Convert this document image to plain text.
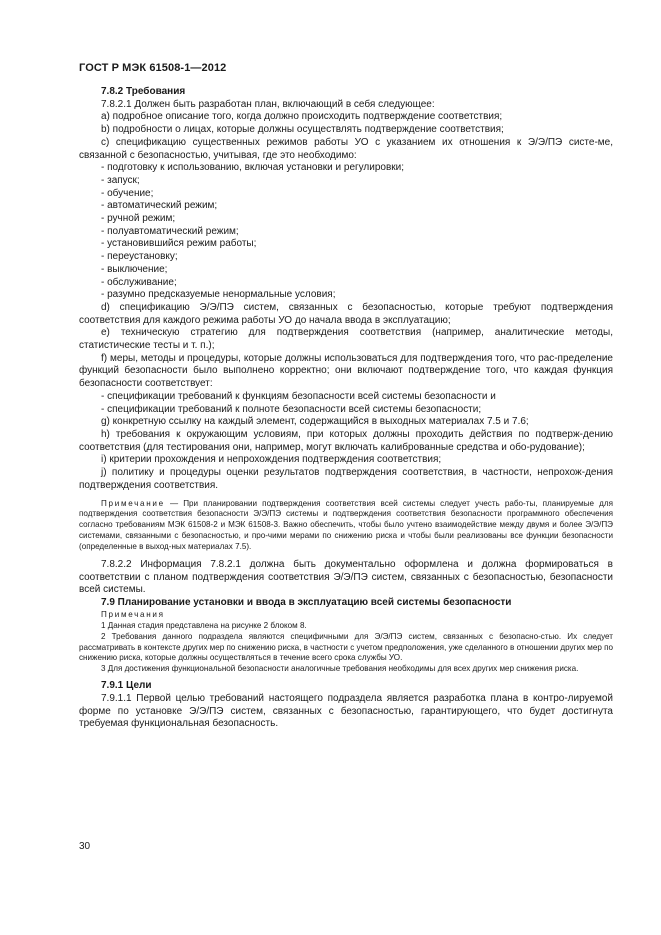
ГОСТ Р МЭК 61508-1—2012

7.8.2 Требования

7.8.2.1 Должен быть разработан план, включающий в себя следующее:

a) подробное описание того, когда должно происходить подтверждение соответствия;

b) подробности о лицах, которые должны осуществлять подтверждение соответствия;

c) спецификацию существенных режимов работы УО с указанием их отношения к Э/Э/ПЭ систе-мe, связанной с безопасностью, учитывая, где это необходимо:

- подготовку к использованию, включая установки и регулировки;

- запуск;

- обучение;

- автоматический режим;

- ручной режим;

- полуавтоматический режим;

- установившийся режим работы;

- переустановку;

- выключение;

- обслуживание;

- разумно предсказуемые ненормальные условия;

d) спецификацию Э/Э/ПЭ систем, связанных с безопасностью, которые требуют подтверждения соответствия для каждого режима работы УО до начала ввода в эксплуатацию;

e) техническую стратегию для подтверждения соответствия (например, аналитические методы, статистические тесты и т. п.);

f) меры, методы и процедуры, которые должны использоваться для подтверждения того, что рас-пределение функций безопасности было выполнено корректно; они включают подтверждение того, что каждая функция безопасности соответствует:

- спецификации требований к функциям безопасности всей системы безопасности и

- спецификации требований к полноте безопасности всей системы безопасности;

g) конкретную ссылку на каждый элемент, содержащийся в выходных материалах 7.5 и 7.6;

h) требования к окружающим условиям, при которых должны проходить действия по подтверж-дению соответствия (для тестирования они, например, могут включать калиброванные средства и обо-рудование);

i) критерии прохождения и непрохождения подтверждения соответствия;

j) политику и процедуры оценки результатов подтверждения соответствия, в частности, непрохож-дения подтверждения соответствия.

Примечание — При планировании подтверждения соответствия всей системы следует учесть рабо-ты, планируемые для подтверждения соответствия безопасности Э/Э/ПЭ системы и подтверждения соответствия безопасности программного обеспечения согласно требованиям МЭК 61508-2 и МЭК 61508-3. Важно обеспечить, чтобы было учтено взаимодействие между двумя и более Э/Э/ПЭ системами, связанными с безопасностью, и про-чими мерами по снижению риска и чтобы были реализованы все функции безопасности (определенные в выход-ных материалах 7.5).

7.8.2.2 Информация 7.8.2.1 должна быть документально оформлена и должна формироваться в соответствии с планом подтверждения соответствия Э/Э/ПЭ систем, связанных с безопасностью, безопасности всей системы.

7.9 Планирование установки и ввода в эксплуатацию всей системы безопасности

Примечания

1 Данная стадия представлена на рисунке 2 блоком 8.

2 Требования данного подраздела являются специфичными для Э/Э/ПЭ систем, связанных с безопасно-стью. Их следует рассматривать в контексте других мер по снижению риска, в частности с учетом предположения, уже сделанного в отношении других мер по снижению риска, которые должны осуществляться в течение всего срока службы УО.

3 Для достижения функциональной безопасности аналогичные требования необходимы для всех других мер снижения риска.

7.9.1 Цели

7.9.1.1 Первой целью требований настоящего подраздела является разработка плана в контро-лируемой форме по установке Э/Э/ПЭ систем, связанных с безопасностью, гарантирующего, что будет достигнута требуемая функциональная безопасность.

30
